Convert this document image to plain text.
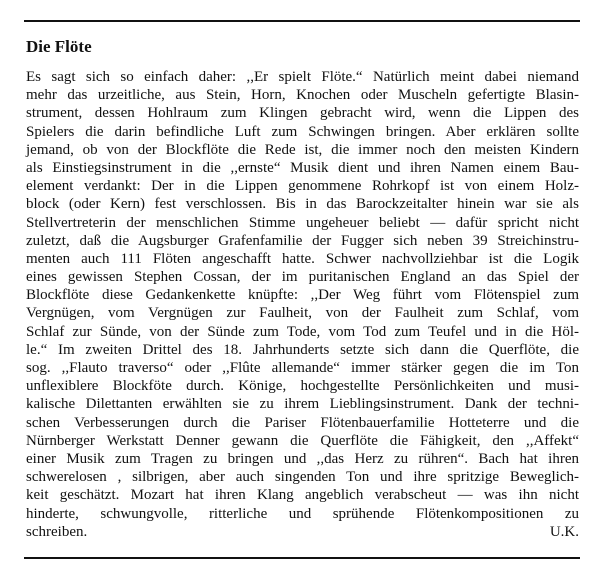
Die Flöte
Es sagt sich so einfach daher: ,,Er spielt Flöte.“ Natürlich meint dabei niemand
mehr das urzeitliche, aus Stein, Horn, Knochen oder Muscheln gefertigte Blasin-
strument, dessen Hohlraum zum Klingen gebracht wird, wenn die Lippen des
Spielers die darin befindliche Luft zum Schwingen bringen. Aber erklären sollte
jemand, ob von der Blockflöte die Rede ist, die immer noch den meisten Kindern
als Einstiegsinstrument in die ,,ernste“ Musik dient und ihren Namen einem Bau-
element verdankt: Der in die Lippen genommene Rohrkopf ist von einem Holz-
block (oder Kern) fest verschlossen. Bis in das Barockzeitalter hinein war sie als
Stellvertreterin der menschlichen Stimme ungeheuer beliebt — dafür spricht nicht
zuletzt, daß die Augsburger Grafenfamilie der Fugger sich neben 39 Streichinstru-
menten auch 111 Flöten angeschafft hatte. Schwer nachvollziehbar ist die Logik
eines gewissen Stephen Cossan, der im puritanischen England an das Spiel der
Blockflöte diese Gedankenkette knüpfte: ,,Der Weg führt vom Flötenspiel zum
Vergnügen, vom Vergnügen zur Faulheit, von der Faulheit zum Schlaf, vom
Schlaf zur Sünde, von der Sünde zum Tode, vom Tod zum Teufel und in die Höl-
le.“ Im zweiten Drittel des 18. Jahrhunderts setzte sich dann die Querflöte, die
sog. ,,Flauto traverso“ oder ,,Flûte allemande“ immer stärker gegen die im Ton
unflexiblere Blockföte durch. Könige, hochgestellte Persönlichkeiten und musi-
kalische Dilettanten erwählten sie zu ihrem Lieblingsinstrument. Dank der techni-
schen Verbesserungen durch die Pariser Flötenbauerfamilie Hotteterre und die
Nürnberger Werkstatt Denner gewann die Querflöte die Fähigkeit, den ,,Affekt“
einer Musik zum Tragen zu bringen und ,,das Herz zu rühren“. Bach hat ihren
schwerelosen , silbrigen, aber auch singenden Ton und ihre spritzige Beweglich-
keit geschätzt. Mozart hat ihren Klang angeblich verabscheut — was ihn nicht
hinderte, schwungvolle, ritterliche und sprühende Flötenkompositionen zu
schreiben.	U.K.
